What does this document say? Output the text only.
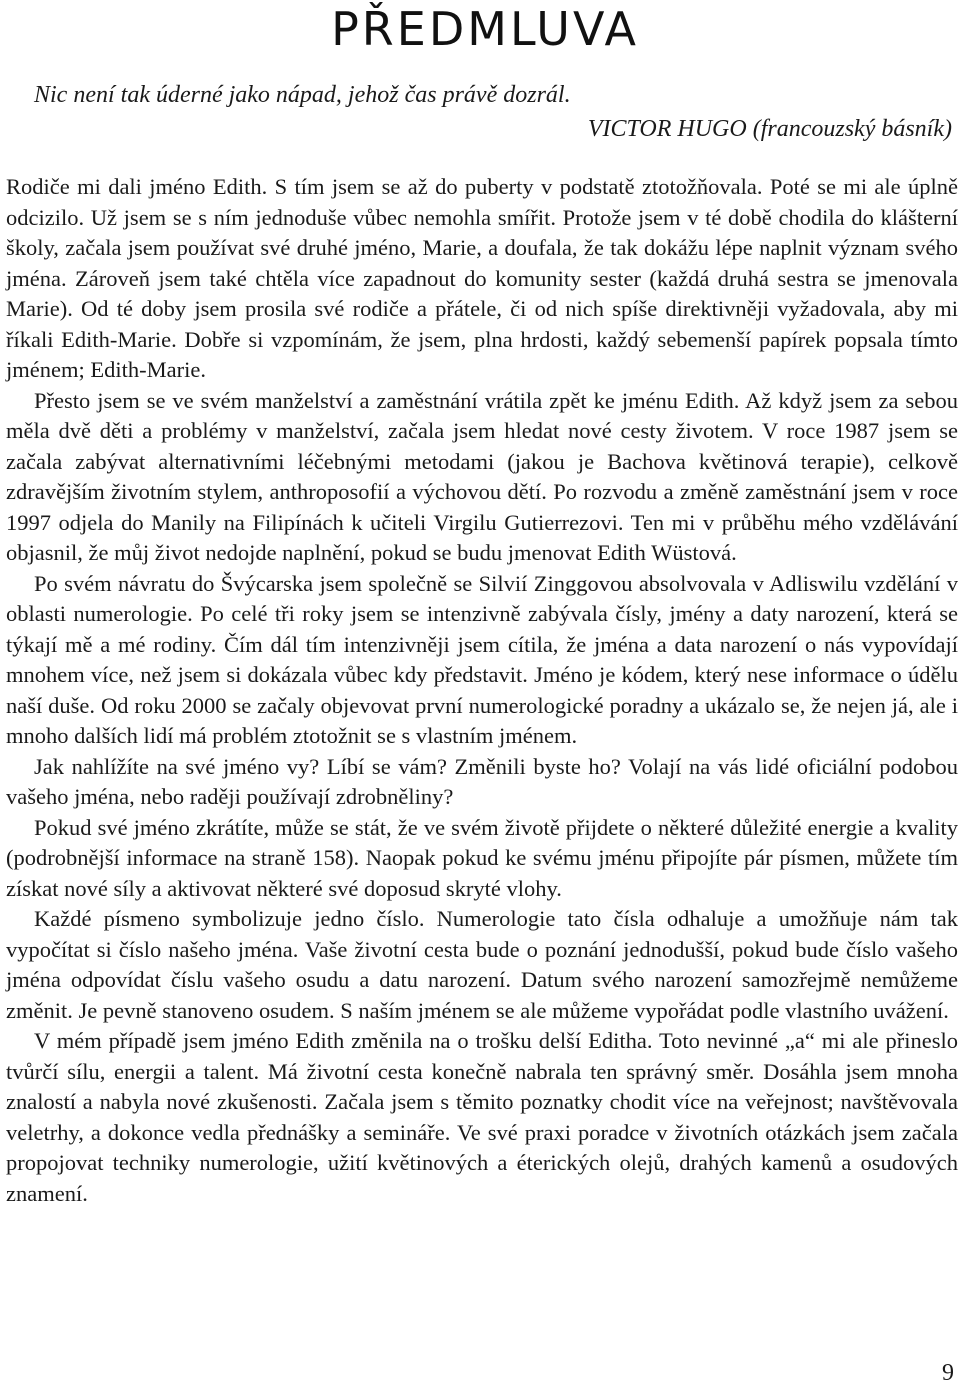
PŘEDMLUVA

Nic není tak úderné jako nápad, jehož čas právě dozrál.

VICTOR HUGO (francouzský básník)

Rodiče mi dali jméno Edith. S tím jsem se až do puberty v podstatě ztotožňovala. Poté se mi ale úplně odcizilo. Už jsem se s ním jednoduše vůbec nemohla smířit. Protože jsem v té době chodila do klášterní školy, začala jsem používat své druhé jméno, Marie, a doufala, že tak dokážu lépe naplnit význam svého jména. Zároveň jsem také chtěla více zapadnout do komunity sester (každá druhá sestra se jmenovala Marie). Od té doby jsem prosila své rodiče a přátele, či od nich spíše direktivněji vyžadovala, aby mi říkali Edith-Marie. Dobře si vzpomínám, že jsem, plna hrdosti, každý sebemenší papírek popsala tímto jménem; Edith-Marie.

Přesto jsem se ve svém manželství a zaměstnání vrátila zpět ke jménu Edith. Až když jsem za sebou měla dvě děti a problémy v manželství, začala jsem hledat nové cesty životem. V roce 1987 jsem se začala zabývat alternativními léčebnými metodami (jakou je Bachova květinová terapie), celkově zdravějším životním stylem, anthroposofií a výchovou dětí. Po rozvodu a změně zaměstnání jsem v roce 1997 odjela do Manily na Filipínách k učiteli Virgilu Gutierrezovi. Ten mi v průběhu mého vzdělávání objasnil, že můj život nedojde naplnění, pokud se budu jmenovat Edith Wüstová.

Po svém návratu do Švýcarska jsem společně se Silvií Zinggovou absolvovala v Adliswilu vzdělání v oblasti numerologie. Po celé tři roky jsem se intenzivně zabývala čísly, jmény a daty narození, která se týkají mě a mé rodiny. Čím dál tím intenzivněji jsem cítila, že jména a data narození o nás vypovídají mnohem více, než jsem si dokázala vůbec kdy představit. Jméno je kódem, který nese informace o údělu naší duše. Od roku 2000 se začaly objevovat první numerologické poradny a ukázalo se, že nejen já, ale i mnoho dalších lidí má problém ztotožnit se s vlastním jménem.

Jak nahlížíte na své jméno vy? Líbí se vám? Změnili byste ho? Volají na vás lidé oficiální podobou vašeho jména, nebo raději používají zdrobněliny?

Pokud své jméno zkrátíte, může se stát, že ve svém životě přijdete o některé důležité energie a kvality (podrobnější informace na straně 158). Naopak pokud ke svému jménu připojíte pár písmen, můžete tím získat nové síly a aktivovat některé své doposud skryté vlohy.

Každé písmeno symbolizuje jedno číslo. Numerologie tato čísla odhaluje a umožňuje nám tak vypočítat si číslo našeho jména. Vaše životní cesta bude o poznání jednodušší, pokud bude číslo vašeho jména odpovídat číslu vašeho osudu a datu narození. Datum svého narození samozřejmě nemůžeme změnit. Je pevně stanoveno osudem. S naším jménem se ale můžeme vypořádat podle vlastního uvážení.

V mém případě jsem jméno Edith změnila na o trošku delší Editha. Toto nevinné „a“ mi ale přineslo tvůrčí sílu, energii a talent. Má životní cesta konečně nabrala ten správný směr. Dosáhla jsem mnoha znalostí a nabyla nové zkušenosti. Začala jsem s těmito poznatky chodit více na veřejnost; navštěvovala veletrhy, a dokonce vedla přednášky a semináře. Ve své praxi poradce v životních otázkách jsem začala propojovat techniky numerologie, užití květinových a éterických olejů, drahých kamenů a osudových znamení.

9
